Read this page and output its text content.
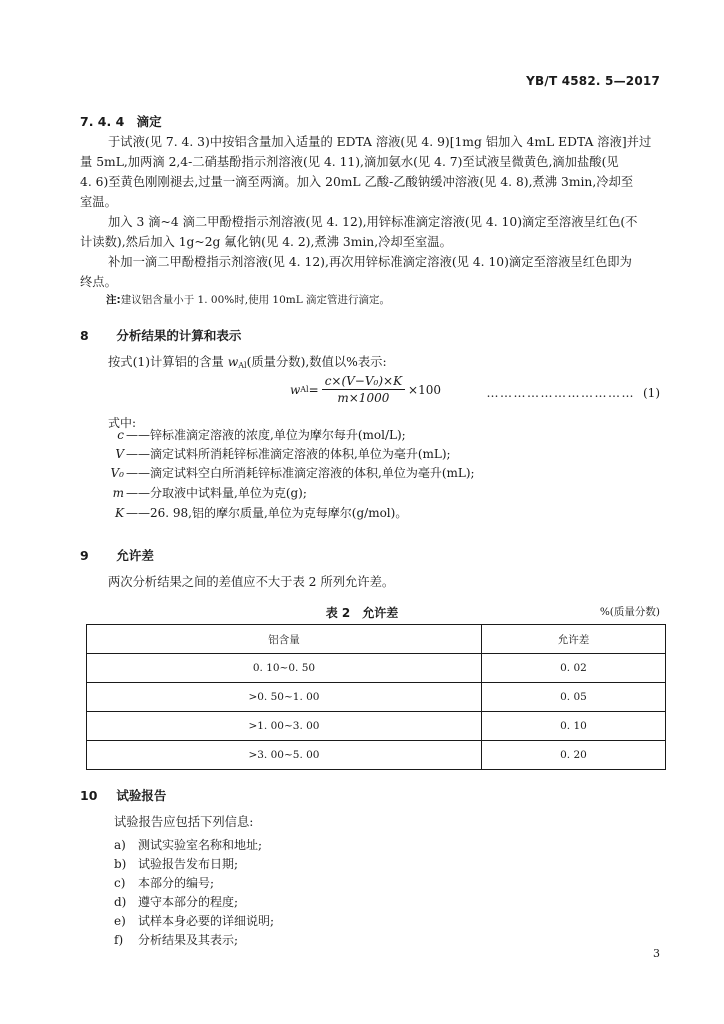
YB/T 4582. 5—2017
7. 4. 4 滴定
于试液(见 7. 4. 3)中按铝含量加入适量的 EDTA 溶液(见 4. 9)[1mg 铝加入 4mL EDTA 溶液]并过
量 5mL,加两滴 2,4-二硝基酚指示剂溶液(见 4. 11),滴加氨水(见 4. 7)至试液呈微黄色,滴加盐酸(见
4. 6)至黄色刚刚褪去,过量一滴至两滴。加入 20mL 乙酸-乙酸钠缓冲溶液(见 4. 8),煮沸 3min,冷却至
室温。
加入 3 滴~4 滴二甲酚橙指示剂溶液(见 4. 12),用锌标准滴定溶液(见 4. 10)滴定至溶液呈红色(不
计读数),然后加入 1g~2g 氟化钠(见 4. 2),煮沸 3min,冷却至室温。
补加一滴二甲酚橙指示剂溶液(见 4. 12),再次用锌标准滴定溶液(见 4. 10)滴定至溶液呈红色即为
终点。
注:建议铝含量小于 1. 00%时,使用 10mL 滴定管进行滴定。
8 分析结果的计算和表示
按式(1)计算铝的含量 $w_{Al}$(质量分数),数值以%表示:
w $Al = \frac{\text{c×(V−V₀)×K}}{m\times 1000} \times 100$	…………………………… (1)
式中:
c ——锌标准滴定溶液的浓度,单位为摩尔每升(mol/L);
V ——滴定试料所消耗锌标准滴定溶液的体积,单位为毫升(mL);
V₀ ——滴定试料空白所消耗锌标准滴定溶液的体积,单位为毫升(mL);
m ——分取液中试料量,单位为克(g);
K ——26. 98,铝的摩尔质量,单位为克每摩尔(g/mol)。
9 允许差
两次分析结果之间的差值应不大于表 2 所列允许差。
表 2　允许差	%(质量分数)
铝含量	允许差
0. 10~0. 50	0. 02
>0. 50~1. 00	0. 05
>1. 00~3. 00	0. 10
>3. 00~5. 00	0. 20
10 试验报告
试验报告应包括下列信息:
a) 测试实验室名称和地址;
b) 试验报告发布日期;
c) 本部分的编号;
d) 遵守本部分的程度;
e) 试样本身必要的详细说明;
f) 分析结果及其表示;
3
